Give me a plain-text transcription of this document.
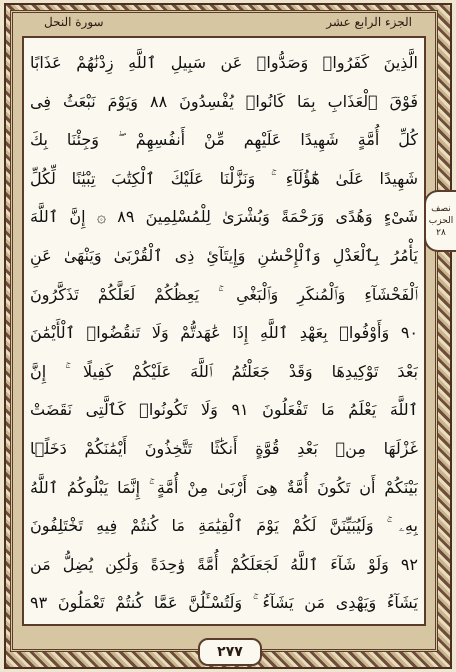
الجزء الرابع عشر
سورة النحل
الَّذِينَ كَفَرُوا۟ وَصَدُّوا۟ عَن سَبِيلِ ٱللَّهِ زِدْنَٰهُمْ عَذَابًا
فَوْقَ ٱلْعَذَابِ بِمَا كَانُوا۟ يُفْسِدُونَ ٨٨ وَيَوْمَ نَبْعَثُ فِى
كُلِّ أُمَّةٍ شَهِيدًا عَلَيْهِم مِّنْ أَنفُسِهِمْ ۖ وَجِئْنَا بِكَ
شَهِيدًا عَلَىٰ هَٰٓؤُلَآءِ ۚ وَنَزَّلْنَا عَلَيْكَ ٱلْكِتَٰبَ تِبْيَٰنًا لِّكُلِّ
شَىْءٍ وَهُدًى وَرَحْمَةً وَبُشْرَىٰ لِلْمُسْلِمِينَ ٨٩ ۞ إِنَّ ٱللَّهَ
يَأْمُرُ بِٱلْعَدْلِ وَٱلْإِحْسَٰنِ وَإِيتَآئِ ذِى ٱلْقُرْبَىٰ وَيَنْهَىٰ عَنِ
ٱلْفَحْشَآءِ وَٱلْمُنكَرِ وَٱلْبَغْىِ ۚ يَعِظُكُمْ لَعَلَّكُمْ تَذَكَّرُونَ
٩٠ وَأَوْفُوا۟ بِعَهْدِ ٱللَّهِ إِذَا عَٰهَدتُّمْ وَلَا تَنقُضُوا۟ ٱلْأَيْمَٰنَ
بَعْدَ تَوْكِيدِهَا وَقَدْ جَعَلْتُمُ ٱللَّهَ عَلَيْكُمْ كَفِيلًا ۚ إِنَّ
ٱللَّهَ يَعْلَمُ مَا تَفْعَلُونَ ٩١ وَلَا تَكُونُوا۟ كَٱلَّتِى نَقَضَتْ
غَزْلَهَا مِنۢ بَعْدِ قُوَّةٍ أَنكَٰثًا تَتَّخِذُونَ أَيْمَٰنَكُمْ دَخَلًۢا
بَيْنَكُمْ أَن تَكُونَ أُمَّةٌ هِىَ أَرْبَىٰ مِنْ أُمَّةٍ ۚ إِنَّمَا يَبْلُوكُمُ ٱللَّهُ
بِهِۦ ۚ وَلَيُبَيِّنَنَّ لَكُمْ يَوْمَ ٱلْقِيَٰمَةِ مَا كُنتُمْ فِيهِ تَخْتَلِفُونَ
٩٢ وَلَوْ شَآءَ ٱللَّهُ لَجَعَلَكُمْ أُمَّةً وَٰحِدَةً وَلَٰكِن يُضِلُّ مَن
يَشَآءُ وَيَهْدِى مَن يَشَآءُ ۚ وَلَتُسْـَٔلُنَّ عَمَّا كُنتُمْ تَعْمَلُونَ ٩٣
نصف
الحزب
٢٨
٢٧٧
